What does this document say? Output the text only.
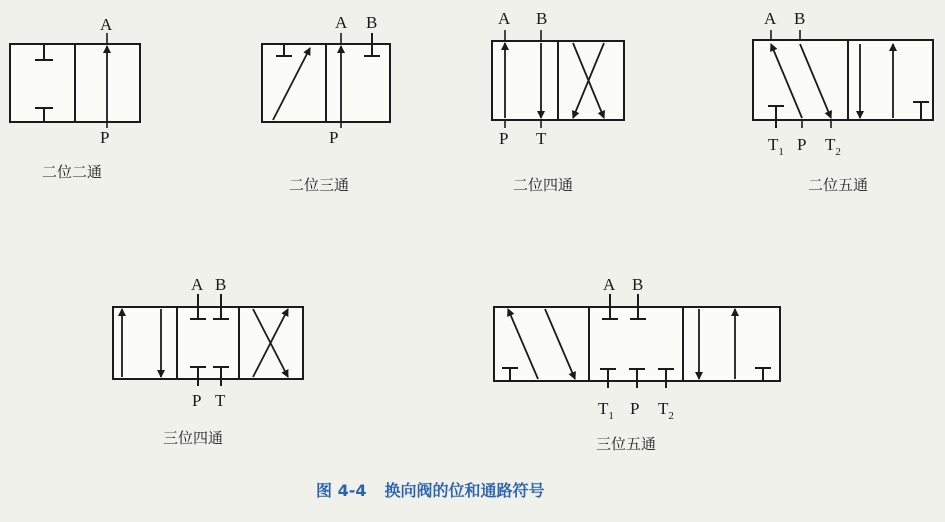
A
P
A B
P
A B
P T
A B
$T_1$ P $T_2$
A B
P T
A B
$T_1$ P $T_2$
二位二通
二位三通	二位四通	二位五通
三位四通	三位五通
图 4-4 换向阀的位和通路符号
